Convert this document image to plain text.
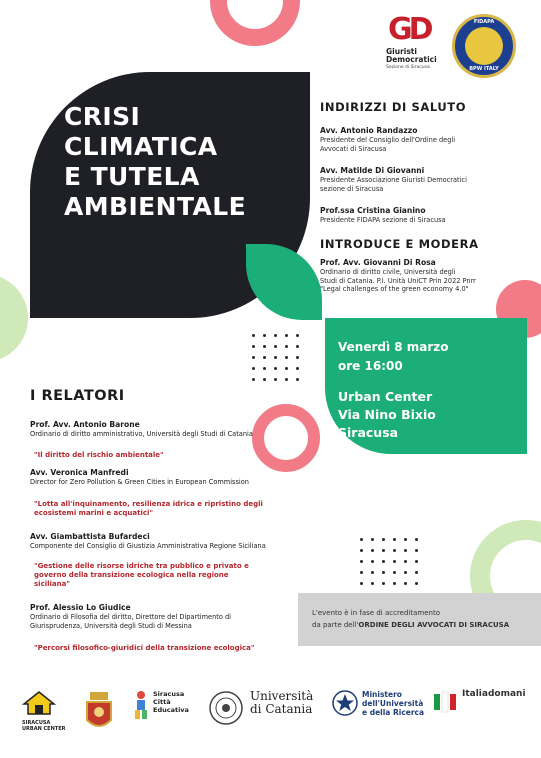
CRISI
CLIMATICA
E TUTELA
AMBIENTALE
GD
Giuristi
Democratici
Sezione di Siracusa
FIDAPA
BPW ITALY
INDIRIZZI DI SALUTO
Avv. Antonio Randazzo
Presidente del Consiglio dell'Ordine degli
Avvocati di Siracusa
Avv. Matilde Di Giovanni
Presidente Associazione Giuristi Democratici
sezione di Siracusa
Prof.ssa Cristina Gianino
Presidente FIDAPA sezione di Siracusa
INTRODUCE E MODERA
Prof. Avv. Giovanni Di Rosa
Ordinario di diritto civile, Università degli
Studi di Catania. P.I. Unità UniCT Prin 2022 Pnrr
"Legal challenges of the green economy 4.0"
Venerdì 8 marzo
ore 16:00
Urban Center
Via Nino Bixio
Siracusa
I RELATORI
Prof. Avv. Antonio Barone
Ordinario di diritto amministrativo, Università degli Studi di Catania
"Il diritto del rischio ambientale"
Avv. Veronica Manfredi
Director for Zero Pollution & Green Cities in European Commission
"Lotta all'inquinamento, resilienza idrica e ripristino degli
ecosistemi marini e acquatici"
Avv. Giambattista Bufardeci
Componente del Consiglio di Giustizia Amministrativa Regione Siciliana
"Gestione delle risorse idriche tra pubblico e privato e
governo della transizione ecologica nella regione
siciliana"
Prof. Alessio Lo Giudice
Ordinario di Filosofia del diritto, Direttore del Dipartimento di
Giurisprudenza, Università degli Studi di Messina
"Percorsi filosofico-giuridici della transizione ecologica"
L'evento è in fase di accreditamento
da parte dell'ORDINE DEGLI AVVOCATI DI SIRACUSA
SIRACUSA
URBAN CENTER
Siracusa
Città
Educativa
Università
di Catania
Ministero
dell'Università
e della Ricerca
Italiadomani
